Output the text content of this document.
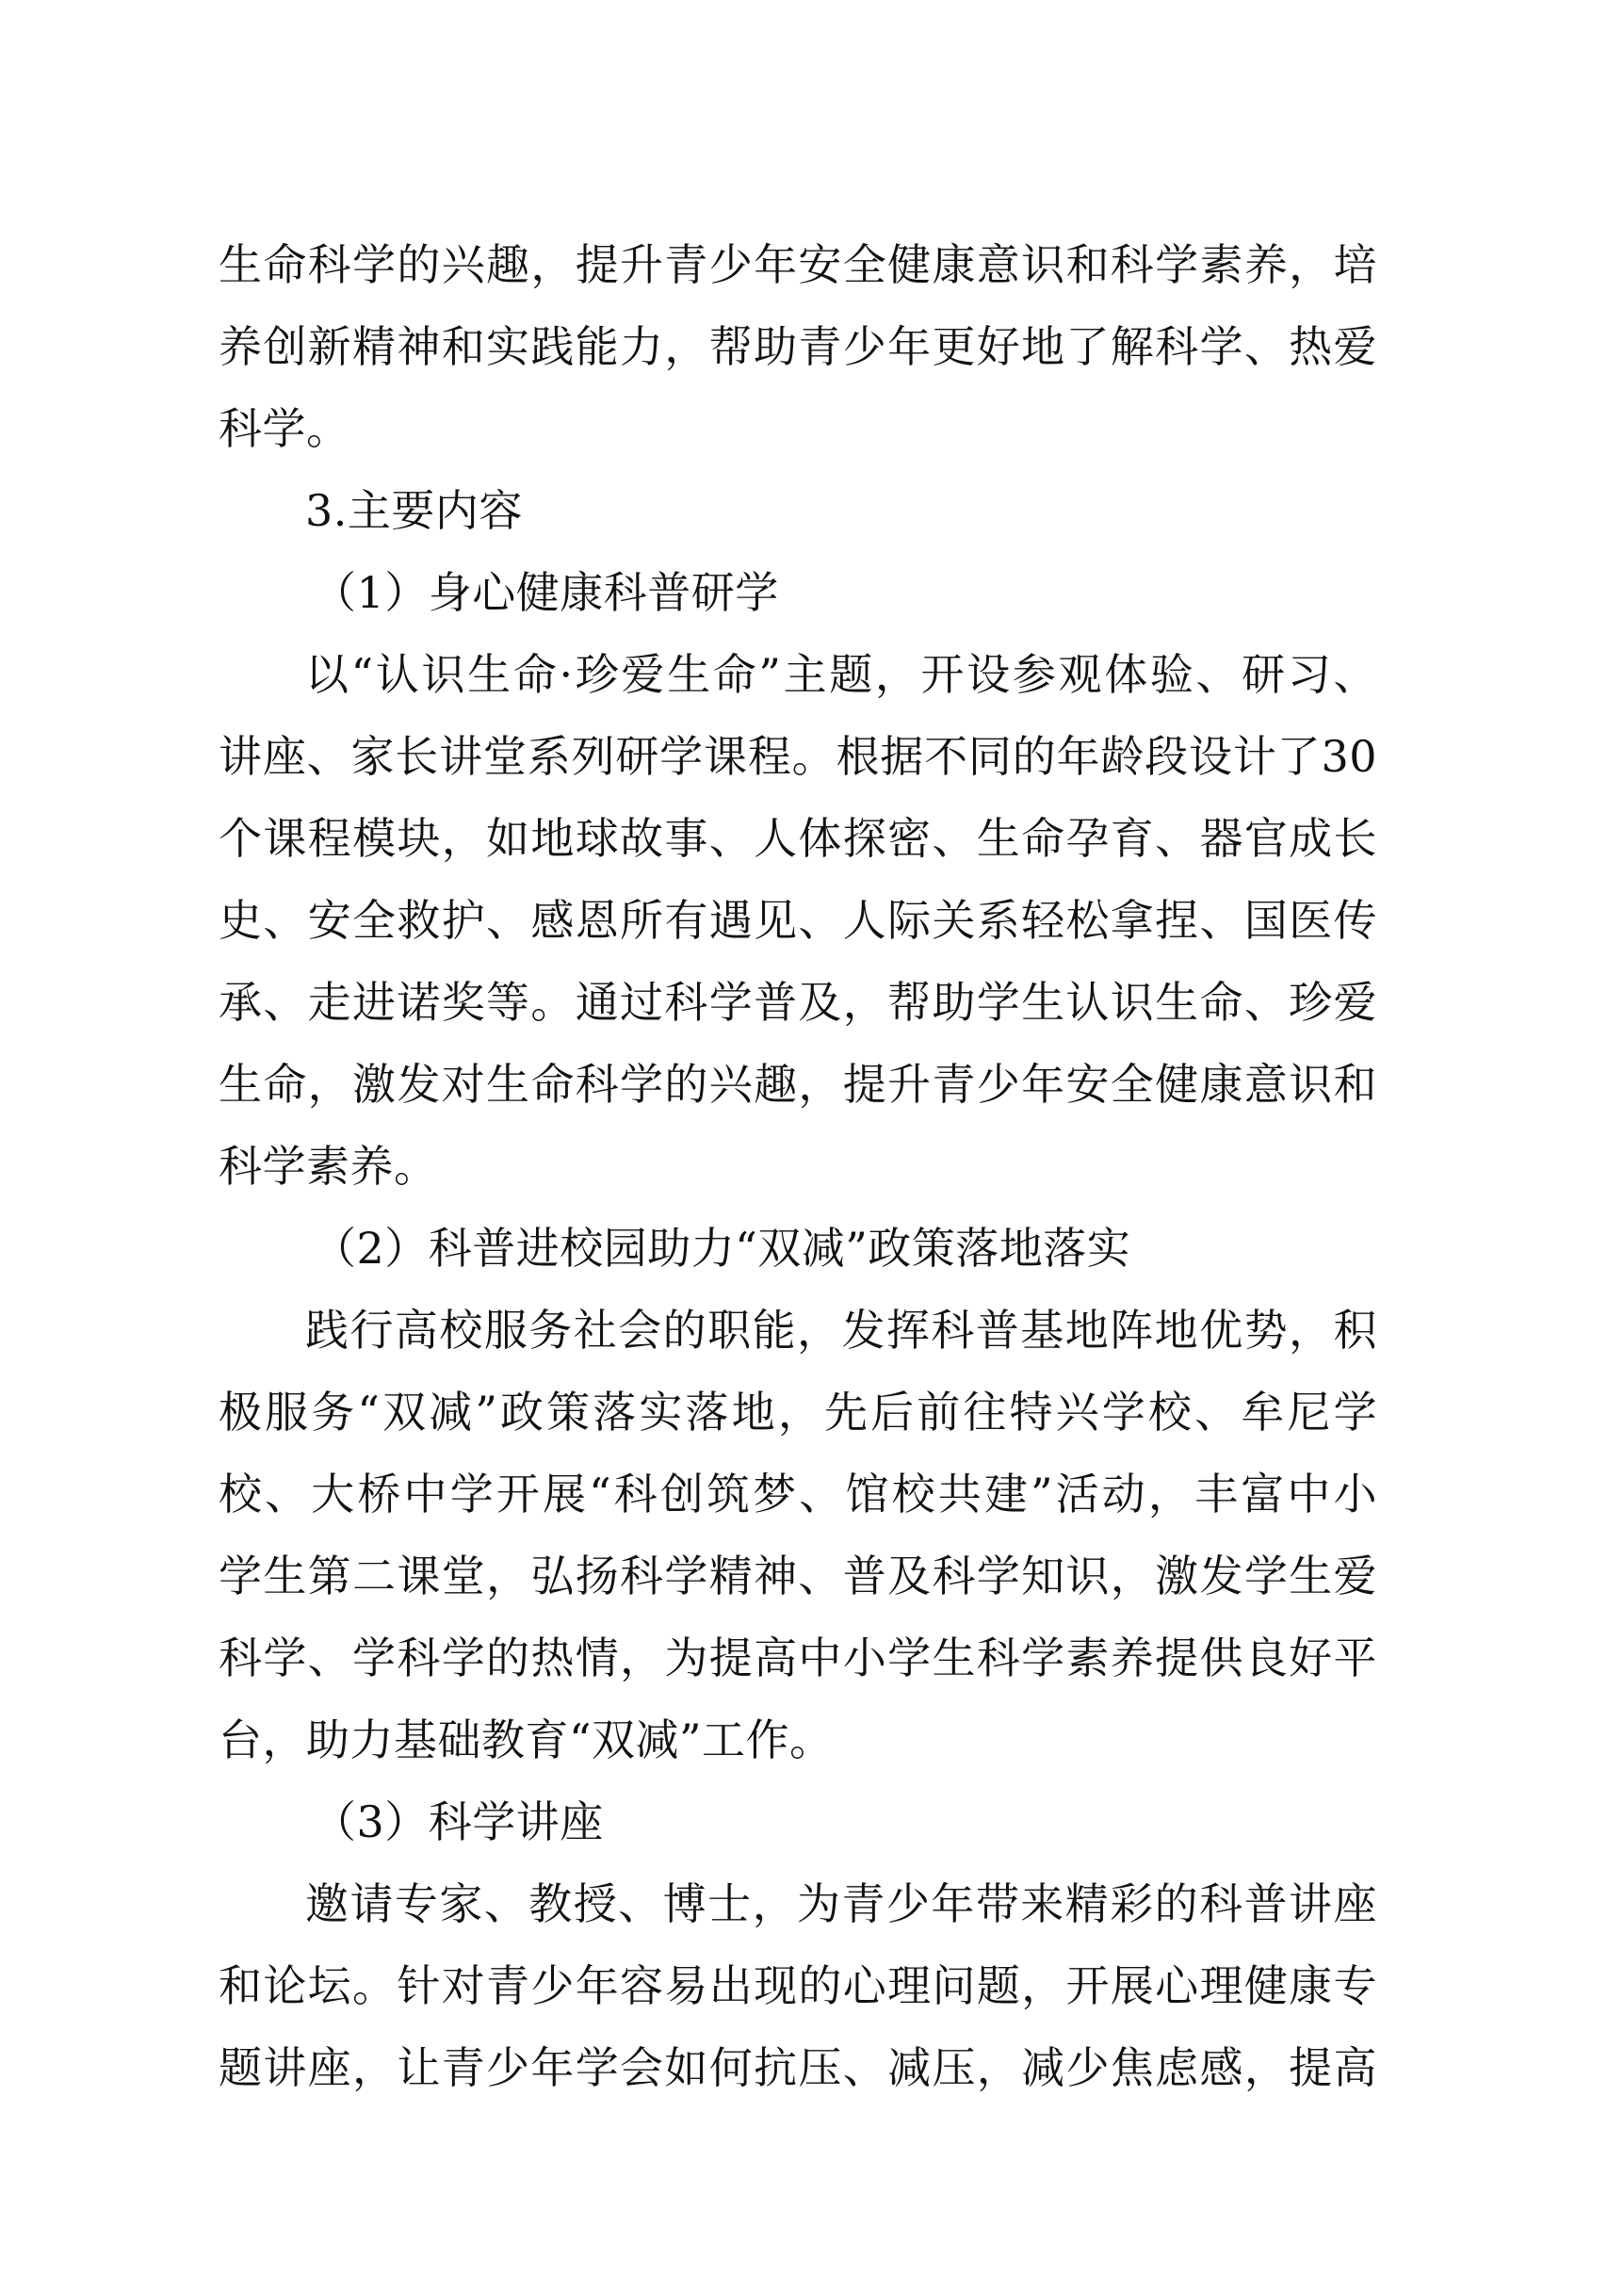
生命科学的兴趣，提升青少年安全健康意识和科学素养，培
养创新精神和实践能力，帮助青少年更好地了解科学、热爱
科学。
3.主要内容
（1）身心健康科普研学
以“认识生命·珍爱生命”主题，开设参观体验、研习、
讲座、家长讲堂系列研学课程。根据不同的年龄段设计了30
个课程模块，如地球故事、人体探密、生命孕育、器官成长
史、安全救护、感恩所有遇见、人际关系轻松拿捏、国医传
承、走进诺奖等。通过科学普及，帮助学生认识生命、珍爱
生命，激发对生命科学的兴趣，提升青少年安全健康意识和
科学素养。
（2）科普进校园助力“双减”政策落地落实
践行高校服务社会的职能，发挥科普基地阵地优势，积
极服务“双减”政策落实落地，先后前往特兴学校、牟尼学
校、大桥中学开展“科创筑梦、馆校共建”活动，丰富中小
学生第二课堂，弘扬科学精神、普及科学知识，激发学生爱
科学、学科学的热情，为提高中小学生科学素养提供良好平
台，助力基础教育“双减”工作。
（3）科学讲座
邀请专家、教授、博士，为青少年带来精彩的科普讲座
和论坛。针对青少年容易出现的心理问题，开展心理健康专
题讲座，让青少年学会如何抗压、减压，减少焦虑感，提高
